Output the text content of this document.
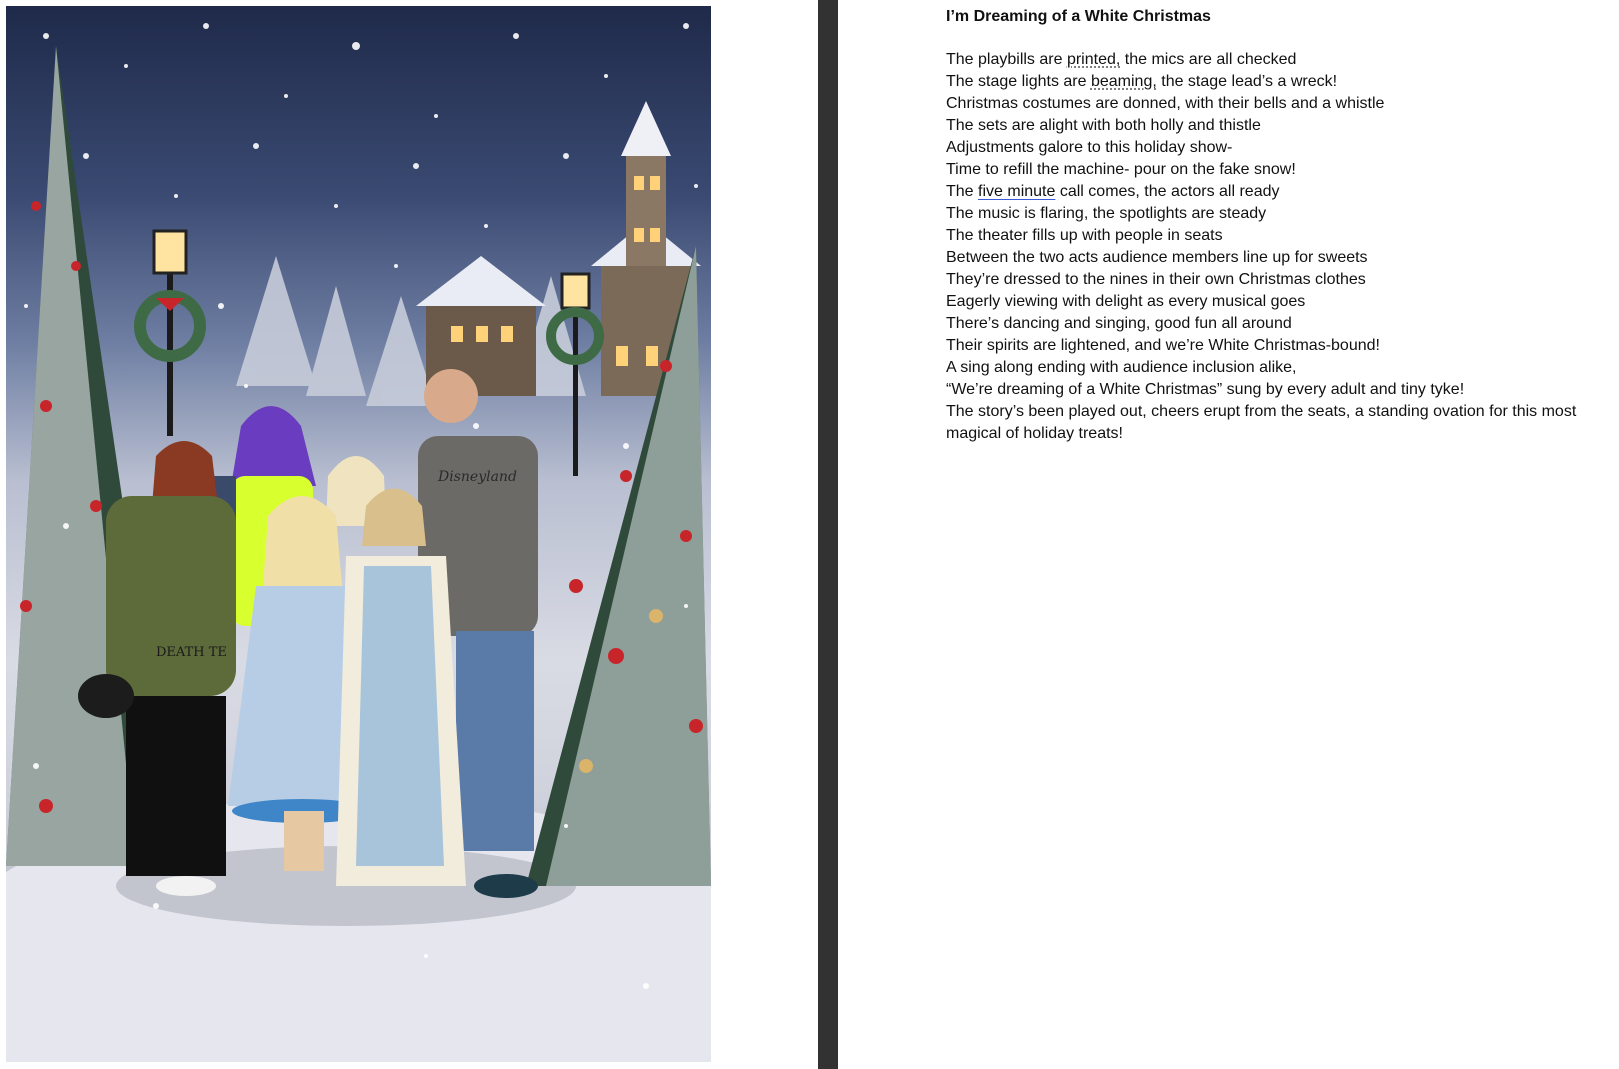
Disneyland
DEATH TE

I’m Dreaming of a White Christmas

The playbills are printed, the mics are all checked

The stage lights are beaming, the stage lead’s a wreck!

Christmas costumes are donned, with their bells and a whistle

The sets are alight with both holly and thistle

Adjustments galore to this holiday show-

Time to refill the machine- pour on the fake snow!

The five minute call comes, the actors all ready

The music is flaring, the spotlights are steady

The theater fills up with people in seats

Between the two acts audience members line up for sweets

They’re dressed to the nines in their own Christmas clothes

Eagerly viewing with delight as every musical goes

There’s dancing and singing, good fun all around

Their spirits are lightened, and we’re White Christmas-bound!

A sing along ending with audience inclusion alike,

“We’re dreaming of a White Christmas” sung by every adult and tiny tyke!

The story’s been played out, cheers erupt from the seats, a standing ovation for this most magical of holiday treats!
